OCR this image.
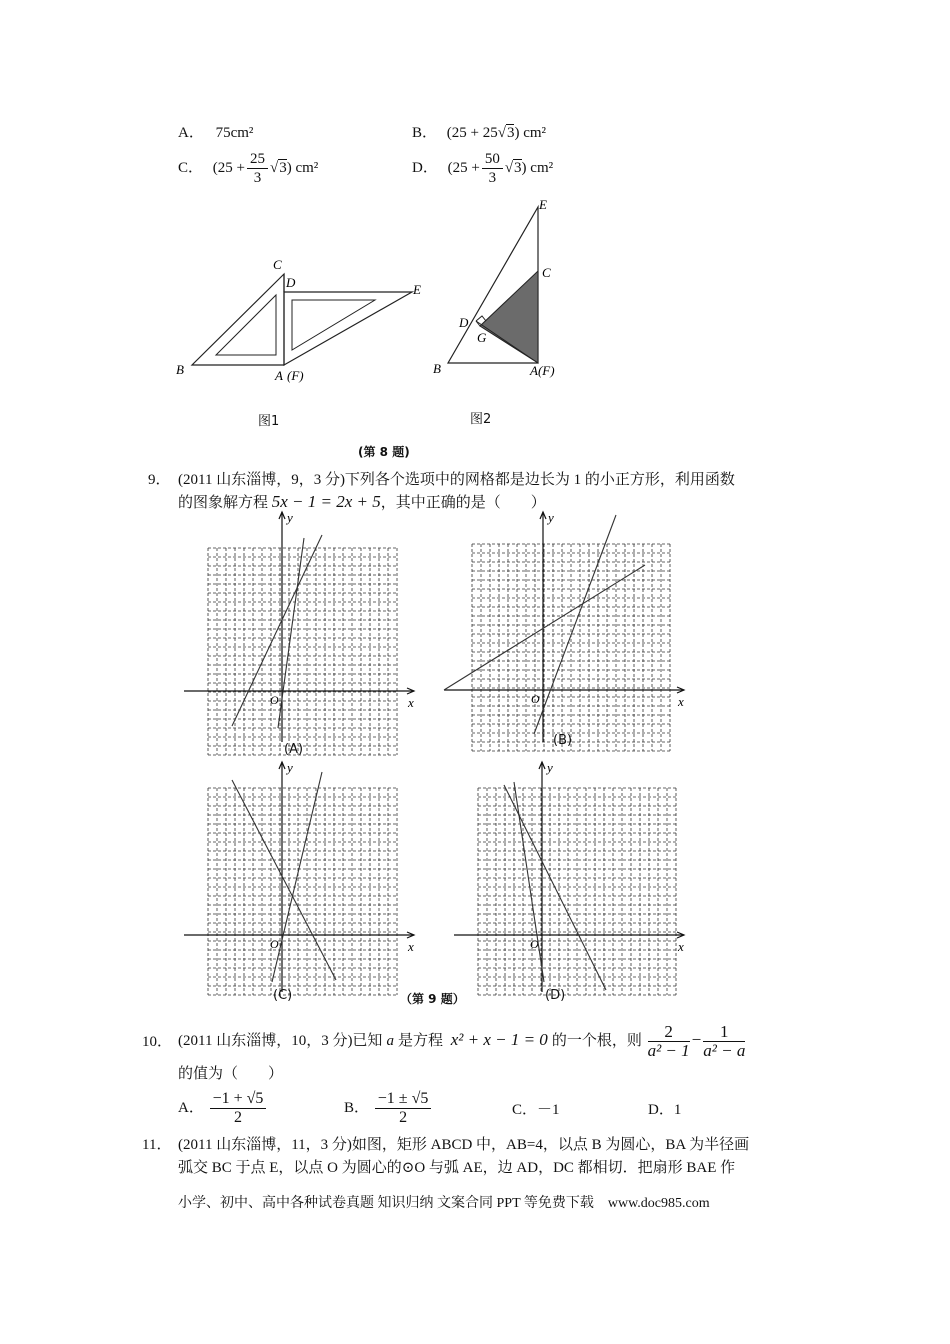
A． 75cm²	B． (25 + 25√3) cm²
C． $(25 + \frac{25}{3} √3)$ cm²	D． $(25 + \frac{50}{3} √3)$ cm²
C
D	E
B	A (F)
图1
E
C
D
G
B	A(F)
图2
(第 8 题)
9． (2011 山东淄博，9，3 分)下列各个选项中的网格都是边长为 1 的小正方形，利用函数
的图象解方程 5x − 1 = 2x + 5，其中正确的是（　　）
x
y
O	x
y
O
x
y
O	x
y
O
(A)
(B)
(C)	(D)
（第 9 题）
10． (2011 山东淄博，10，3 分)已知 a 是方程 x² + x − 1 = 0 的一个根，则 $\frac{2}{\text{a² − 1}} - \frac{1}{\text{a² − a}}$
的值为（　　）
A． $\frac{-1 + √5}{2}$	B． $\frac{-1 \pm √5}{2}$	C．－1	D．1
11． (2011 山东淄博，11，3 分)如图，矩形 ABCD 中，AB=4，以点 B 为圆心，BA 为半径画
弧交 BC 于点 E，以点 O 为圆心的⊙O 与弧 AE，边 AD，DC 都相切．把扇形 BAE 作
小学、初中、高中各种试卷真题 知识归纳 文案合同 PPT 等免费下载　www.doc985.com
